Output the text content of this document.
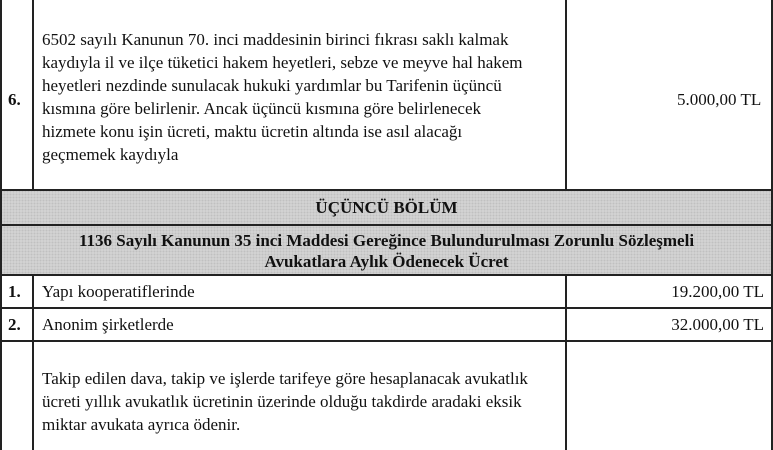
6.
6502 sayılı Kanunun 70. inci maddesinin birinci fıkrası saklı kalmak
kaydıyla il ve ilçe tüketici hakem heyetleri, sebze ve meyve hal hakem
heyetleri nezdinde sunulacak hukuki yardımlar bu Tarifenin üçüncü
kısmına göre belirlenir. Ancak üçüncü kısmına göre belirlenecek
hizmete konu işin ücreti, maktu ücretin altında ise asıl alacağı
geçmemek kaydıyla
5.000,00 TL
ÜÇÜNCÜ BÖLÜM
1136 Sayılı Kanunun 35 inci Maddesi Gereğince Bulundurulması Zorunlu Sözleşmeli
Avukatlara Aylık Ödenecek Ücret
1. Yapı kooperatiflerinde	19.200,00 TL
2. Anonim şirketlerde	32.000,00 TL
Takip edilen dava, takip ve işlerde tarifeye göre hesaplanacak avukatlık
ücreti yıllık avukatlık ücretinin üzerinde olduğu takdirde aradaki eksik
miktar avukata ayrıca ödenir.
